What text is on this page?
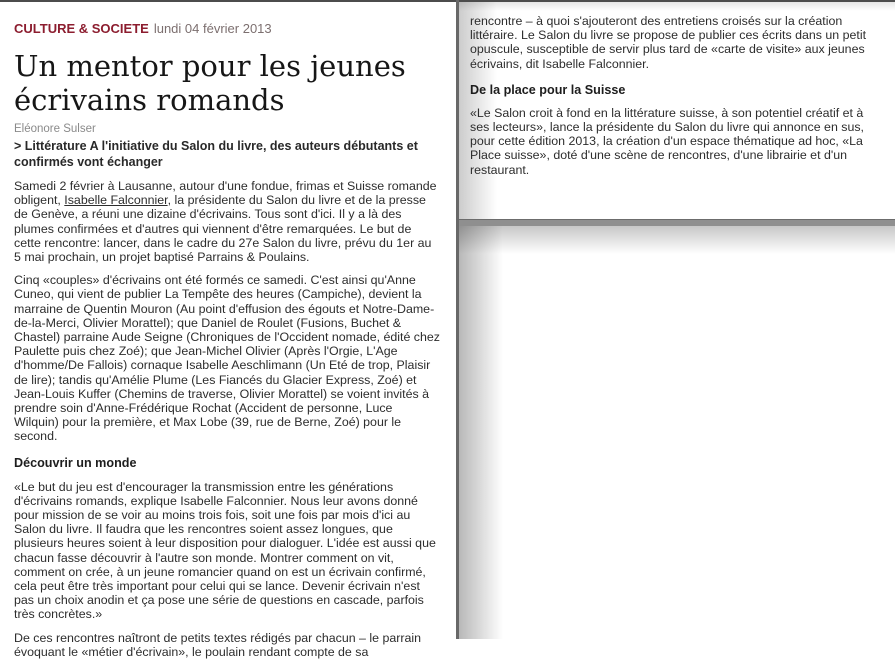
CULTURE & SOCIETE lundi 04 février 2013
Un mentor pour les jeunes écrivains romands
Eléonore Sulser
> Littérature A l'initiative du Salon du livre, des auteurs débutants et confirmés vont échanger

Samedi 2 février à Lausanne, autour d'une fondue, frimas et Suisse romande obligent, Isabelle Falconnier, la présidente du Salon du livre et de la presse de Genève, a réuni une dizaine d'écrivains. Tous sont d'ici. Il y a là des plumes confirmées et d'autres qui viennent d'être remarquées. Le but de cette rencontre: lancer, dans le cadre du 27e Salon du livre, prévu du 1er au 5 mai prochain, un projet baptisé Parrains & Poulains.

Cinq «couples» d'écrivains ont été formés ce samedi. C'est ainsi qu'Anne Cuneo, qui vient de publier La Tempête des heures (Campiche), devient la marraine de Quentin Mouron (Au point d'effusion des égouts et Notre-Dame-de-la-Merci, Olivier Morattel); que Daniel de Roulet (Fusions, Buchet & Chastel) parraine Aude Seigne (Chroniques de l'Occident nomade, édité chez Paulette puis chez Zoé); que Jean-Michel Olivier (Après l'Orgie, L'Age d'homme/De Fallois) cornaque Isabelle Aeschlimann (Un Eté de trop, Plaisir de lire); tandis qu'Amélie Plume (Les Fiancés du Glacier Express, Zoé) et Jean-Louis Kuffer (Chemins de traverse, Olivier Morattel) se voient invités à prendre soin d'Anne-Frédérique Rochat (Accident de personne, Luce Wilquin) pour la première, et Max Lobe (39, rue de Berne, Zoé) pour le second.

Découvrir un monde

«Le but du jeu est d'encourager la transmission entre les générations d'écrivains romands, explique Isabelle Falconnier. Nous leur avons donné pour mission de se voir au moins trois fois, soit une fois par mois d'ici au Salon du livre. Il faudra que les rencontres soient assez longues, que plusieurs heures soient à leur disposition pour dialoguer. L'idée est aussi que chacun fasse découvrir à l'autre son monde. Montrer comment on vit, comment on crée, à un jeune romancier quand on est un écrivain confirmé, cela peut être très important pour celui qui se lance. Devenir écrivain n'est pas un choix anodin et ça pose une série de questions en cascade, parfois très concrètes.»

De ces rencontres naîtront de petits textes rédigés par chacun – le parrain évoquant le «métier d'écrivain», le poulain rendant compte de sa

rencontre – à quoi s'ajouteront des entretiens croisés sur la création littéraire. Le Salon du livre se propose de publier ces écrits dans un petit opuscule, susceptible de servir plus tard de «carte de visite» aux jeunes écrivains, dit Isabelle Falconnier.

De la place pour la Suisse

«Le Salon croit à fond en la littérature suisse, à son potentiel créatif et à ses lecteurs», lance la présidente du Salon du livre qui annonce en sus, pour cette édition 2013, la création d'un espace thématique ad hoc, «La Place suisse», doté d'une scène de rencontres, d'une librairie et d'un restaurant.
